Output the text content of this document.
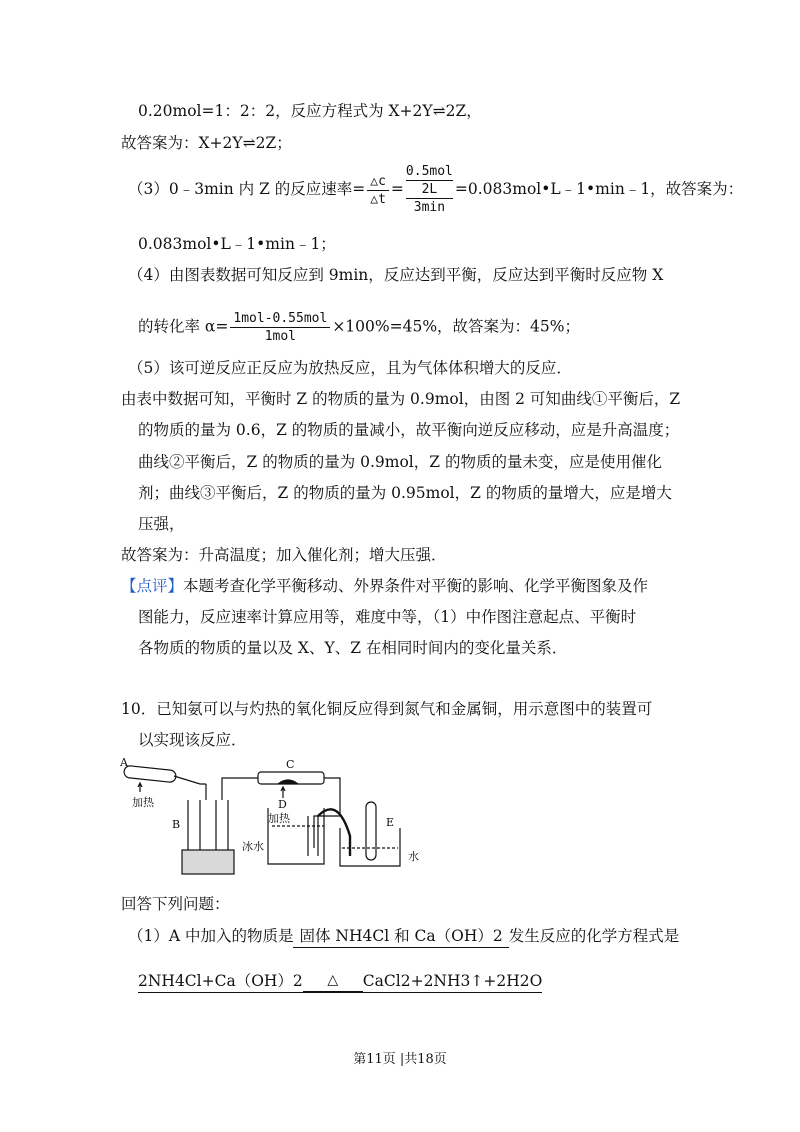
0.20mol=1：2：2，反应方程式为 X+2Y⇌2Z，
故答案为：X+2Y⇌2Z；
（3）0﹣3min 内 Z 的反应速率= $\frac{\triangle c}{\triangle t}$ =
0.5mol
2L
3min
=0.083mol•L﹣1•min﹣1，故答案为：
0.083mol•L﹣1•min﹣1；
（4）由图表数据可知反应到 9min，反应达到平衡，反应达到平衡时反应物 X
的转化率 $\alpha= \frac{\text{1mol-0.55mol}}{\text{1mol}} \times 100\%=45\%$，故答案为：45%；
（5）该可逆反应正反应为放热反应，且为气体体积增大的反应．
由表中数据可知，平衡时 Z 的物质的量为 0.9mol，由图 2 可知曲线①平衡后，Z
的物质的量为 0.6，Z 的物质的量减小，故平衡向逆反应移动，应是升高温度；
曲线②平衡后，Z 的物质的量为 0.9mol，Z 的物质的量未变，应是使用催化
剂；曲线③平衡后，Z 的物质的量为 0.95mol，Z 的物质的量增大，应是增大
压强，
故答案为：升高温度；加入催化剂；增大压强．
【点评】本题考查化学平衡移动、外界条件对平衡的影响、化学平衡图象及作
图能力，反应速率计算应用等，难度中等，（1）中作图注意起点、平衡时
各物质的物质的量以及 X、Y、Z 在相同时间内的变化量关系．
10．已知氨可以与灼热的氧化铜反应得到氮气和金属铜，用示意图中的装置可
以实现该反应．
A
加热
B
C
D
加热
冰水
E
水
回答下列问题：
（1）A 中加入的物质是 固体 NH4Cl 和 Ca（OH）2 发生反应的化学方程式是
2NH4Cl+Ca（OH）2	△	CaCl2+2NH3↑+2H2O
第11页 |共18页
